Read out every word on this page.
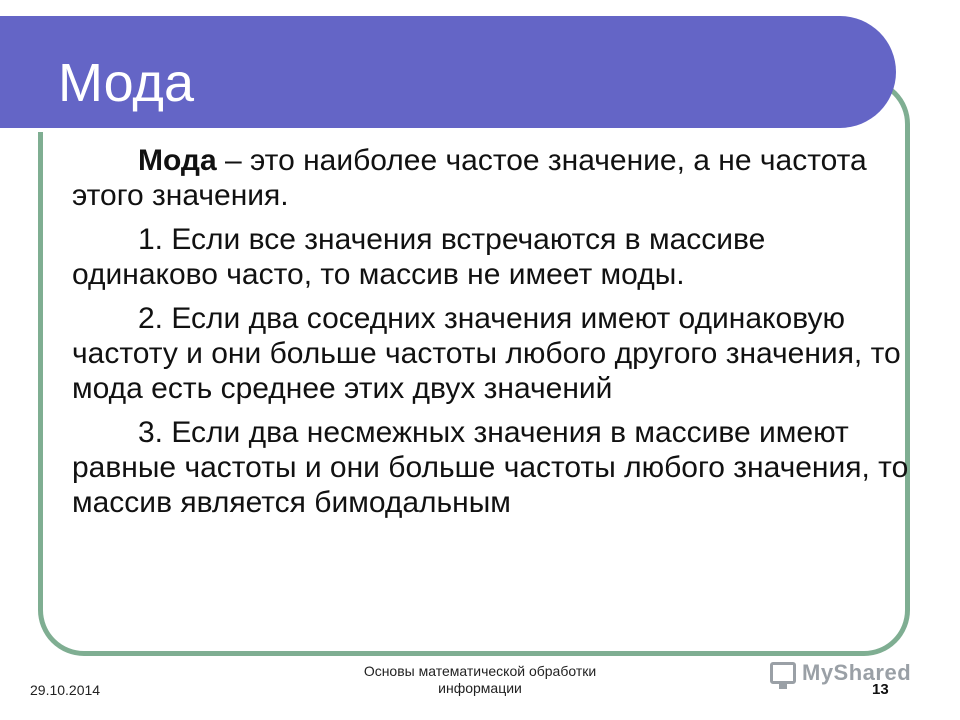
Мода

Мода – это наиболее частое значение, а не частота этого значения.

1. Если все значения встречаются в массиве одинаково часто, то массив не имеет моды.

2. Если два соседних значения имеют одинаковую частоту и они больше частоты любого другого значения, то мода есть среднее этих двух значений

3. Если два несмежных значения в массиве имеют равные частоты и они больше частоты любого значения, то массив является бимодальным

29.10.2014
Основы математической обработки
информации
MyShared
13
